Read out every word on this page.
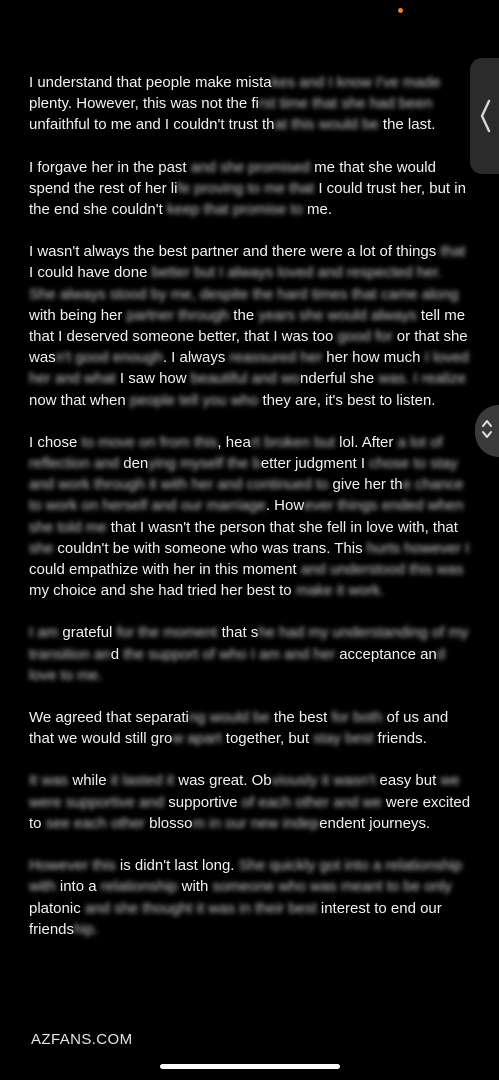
I understand that people make mistakes and I know I've made plenty. However, this was not the first time that she had been unfaithful to me and I couldn't trust that this would be the last.

I forgave her in the past and she promised me that she would spend the rest of her life proving to me that I could trust her, but in the end she couldn't keep that promise to me.

I wasn't always the best partner and there were a lot of things that I could have done better but I always loved and respected her. She always stood by me, despite the hard times that came along with being her partner through the years she would always tell me that I deserved someone better, that I was too good for or that she wasn't good enough. I always reassured her her how much I loved her and what I saw how beautiful and wonderful she was. I realize now that when people tell you who they are, it's best to listen.

I chose to move on from this, heart broken but lol. After a lot of reflection and denying myself the better judgment I chose to stay and work through it with her and continued to give her the chance to work on herself and our marriage. However things ended when she told me that I wasn't the person that she fell in love with, that she couldn't be with someone who was trans. This hurts however I could empathize with her in this moment and understood this was my choice and she had tried her best to make it work.

I am grateful for the moment that she had my understanding of my transition and the support of who I am and her acceptance and love to me.

We agreed that separating would be the best for both of us and that we would still grow apart together, but stay best friends.

It was while it lasted it was great. Obviously it wasn't easy but we were supportive and supportive of each other and we were excited to see each other blossom in our new independent journeys.

However this is didn't last long. She quickly got into a relationship with into a relationship with someone who was meant to be only platonic and she thought it was in their best interest to end our friendship.

AZFANS.COM
